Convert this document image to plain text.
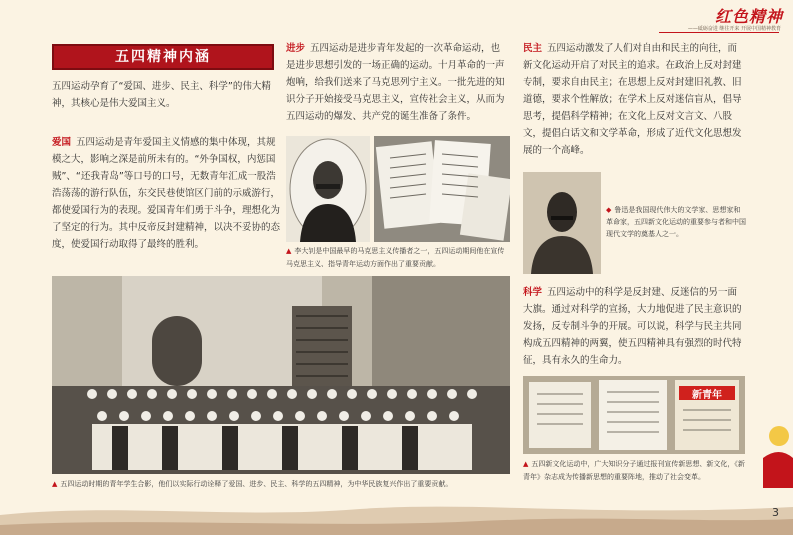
红色精神
——砥砺奋进 继往开来 开展中国精神教育
五四精神内涵
五四运动孕育了“爱国、进步、民主、科学”的伟大精神，其核心是伟大爱国主义。
爱国 五四运动是青年爱国主义情感的集中体现，其规模之大，影响之深是前所未有的。“外争国权，内惩国贼”、“还我青岛”等口号的口号，无数青年汇成一股浩浩荡荡的游行队伍，东交民巷使馆区门前的示威游行，都使爱国行为的表现。爱国青年们勇于斗争，理想化为了坚定的行为。其中反帝反封建精神，以决不妥协的态度，使爱国行动取得了最终的胜利。
进步 五四运动是进步青年发起的一次革命运动，也是进步思想引发的一场正确的运动。十月革命的一声炮响，给我们送来了马克思列宁主义。一批先进的知识分子开始接受马克思主义，宣传社会主义，从而为五四运动的爆发、共产党的诞生准备了条件。
民主 五四运动激发了人们对自由和民主的向往，而新文化运动开启了对民主的追求。在政治上反对封建专制，要求自由民主；在思想上反对封建旧礼教、旧道德，要求个性解放；在学术上反对迷信盲从，倡导思考，提倡科学精神；在文化上反对文言文、八股文，提倡白话文和文学革命，形成了近代文化思想发展的一个高峰。
科学 五四运动中的科学是反封建、反迷信的另一面大旗。通过对科学的宣扬，大力地促进了民主意识的发扬，反专制斗争的开展。可以说，科学与民主共同构成五四精神的两翼，使五四精神具有强烈的时代特征，具有永久的生命力。
▲ 李大钊是中国最早的马克思主义传播者之一，五四运动期间他在宣传马克思主义、指导青年运动方面作出了重要贡献。
◆ 鲁迅是我国现代伟大的文学家、思想家和革命家，五四新文化运动的重要参与者和中国现代文学的奠基人之一。
新青年
▲ 五四新文化运动中，广大知识分子通过报刊宣传新思想、新文化，《新青年》杂志成为传播新思想的重要阵地，推动了社会变革。
▲ 五四运动时期的青年学生合影，他们以实际行动诠释了爱国、进步、民主、科学的五四精神，为中华民族复兴作出了重要贡献。
3
